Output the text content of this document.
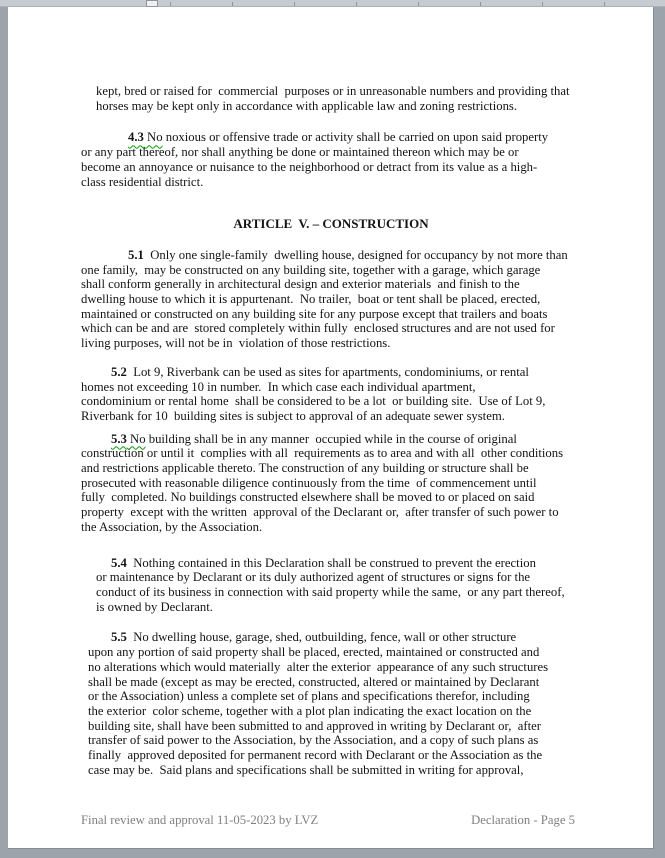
kept, bred or raised for  commercial  purposes or in unreasonable numbers and providing that
horses may be kept only in accordance with applicable law and zoning restrictions.
4.3 No noxious or offensive trade or activity shall be carried on upon said property
or any part thereof, nor shall anything be done or maintained thereon which may be or
become an annoyance or nuisance to the neighborhood or detract from its value as a high-
class residential district.
ARTICLE  V. – CONSTRUCTION
5.1  Only one single-family  dwelling house, designed for occupancy by not more than
one family,  may be constructed on any building site, together with a garage, which garage
shall conform generally in architectural design and exterior materials  and finish to the
dwelling house to which it is appurtenant.  No trailer,  boat or tent shall be placed, erected,
maintained or constructed on any building site for any purpose except that trailers and boats
which can be and are  stored completely within fully  enclosed structures and are not used for
living purposes, will not be in  violation of those restrictions.
5.2  Lot 9, Riverbank can be used as sites for apartments, condominiums, or rental
homes not exceeding 10 in number.  In which case each individual apartment,
condominium or rental home  shall be considered to be a lot  or building site.  Use of Lot 9,
Riverbank for 10  building sites is subject to approval of an adequate sewer system.
5.3 No building shall be in any manner  occupied while in the course of original
construction or until it  complies with all  requirements as to area and with all  other conditions
and restrictions applicable thereto. The construction of any building or structure shall be
prosecuted with reasonable diligence continuously from the time  of commencement until
fully  completed. No buildings constructed elsewhere shall be moved to or placed on said
property  except with the written  approval of the Declarant or,  after transfer of such power to
the Association, by the Association.
5.4  Nothing contained in this Declaration shall be construed to prevent the erection
or maintenance by Declarant or its duly authorized agent of structures or signs for the
conduct of its business in connection with said property while the same,  or any part thereof,
is owned by Declarant.
5.5  No dwelling house, garage, shed, outbuilding, fence, wall or other structure
upon any portion of said property shall be placed, erected, maintained or constructed and
no alterations which would materially  alter the exterior  appearance of any such structures
shall be made (except as may be erected, constructed, altered or maintained by Declarant
or the Association) unless a complete set of plans and specifications therefor, including
the exterior  color scheme, together with a plot plan indicating the exact location on the
building site, shall have been submitted to and approved in writing by Declarant or,  after
transfer of said power to the Association, by the Association, and a copy of such plans as
finally  approved deposited for permanent record with Declarant or the Association as the
case may be.  Said plans and specifications shall be submitted in writing for approval,
Final review and approval 11-05-2023 by LVZ	Declaration - Page 5
